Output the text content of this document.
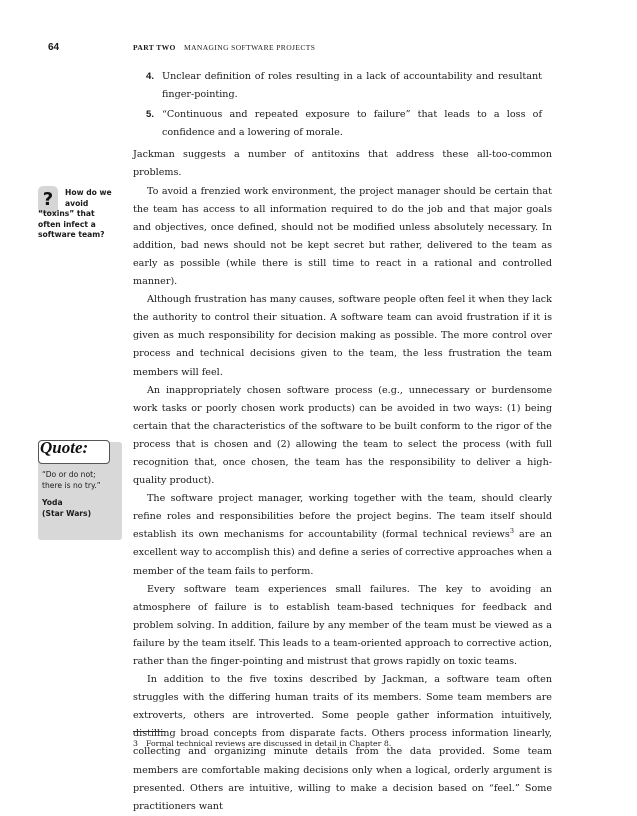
64	PART TWO MANAGING SOFTWARE PROJECTS
?	How do we
avoid
“toxins” that
often infect a
software team?
Quote:
“Do or do not; there is no try.”
Yoda
(Star Wars)
4. Unclear definition of roles resulting in a lack of accountability and resultant finger-pointing.
5. “Continuous and repeated exposure to failure” that leads to a loss of confidence and a lowering of morale.

Jackman suggests a number of antitoxins that address these all-too-common problems.

To avoid a frenzied work environment, the project manager should be certain that the team has access to all information required to do the job and that major goals and objectives, once defined, should not be modified unless absolutely necessary. In addition, bad news should not be kept secret but rather, delivered to the team as early as possible (while there is still time to react in a rational and controlled manner).

Although frustration has many causes, software people often feel it when they lack the authority to control their situation. A software team can avoid frustration if it is given as much responsibility for decision making as possible. The more control over process and technical decisions given to the team, the less frustration the team members will feel.

An inappropriately chosen software process (e.g., unnecessary or burdensome work tasks or poorly chosen work products) can be avoided in two ways: (1) being certain that the characteristics of the software to be built conform to the rigor of the process that is chosen and (2) allowing the team to select the process (with full recognition that, once chosen, the team has the responsibility to deliver a high-quality product).

The software project manager, working together with the team, should clearly refine roles and responsibilities before the project begins. The team itself should establish its own mechanisms for accountability (formal technical reviews$^3$ are an excellent way to accomplish this) and define a series of corrective approaches when a member of the team fails to perform.

Every software team experiences small failures. The key to avoiding an atmosphere of failure is to establish team-based techniques for feedback and problem solving. In addition, failure by any member of the team must be viewed as a failure by the team itself. This leads to a team-oriented approach to corrective action, rather than the finger-pointing and mistrust that grows rapidly on toxic teams.

In addition to the five toxins described by Jackman, a software team often struggles with the differing human traits of its members. Some team members are extroverts, others are introverted. Some people gather information intuitively, distilling broad concepts from disparate facts. Others process information linearly, collecting and organizing minute details from the data provided. Some team members are comfortable making decisions only when a logical, orderly argument is presented. Others are intuitive, willing to make a decision based on “feel.” Some practitioners want

3 Formal technical reviews are discussed in detail in Chapter 8.
